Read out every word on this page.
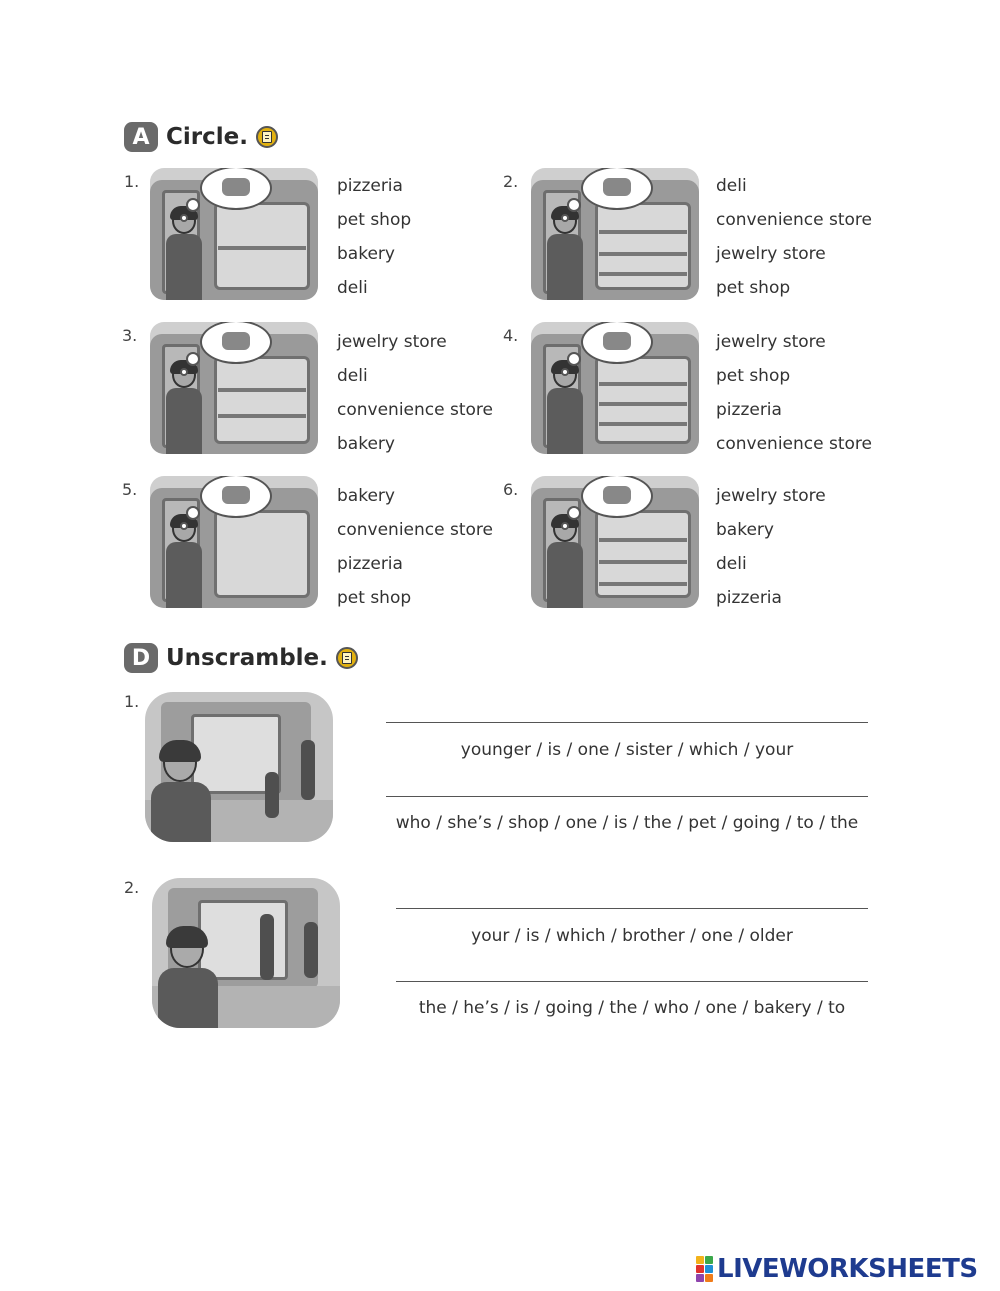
A Circle.
1.	pizzeria
pet shop
bakery
deli
2.	deli
convenience store
jewelry store
pet shop
3.	jewelry store
deli
convenience store
bakery
4.	jewelry store
pet shop
pizzeria
convenience store
5.	bakery
convenience store
pizzeria
pet shop
6.	jewelry store
bakery
deli
pizzeria
D Unscramble.
1.
younger / is / one / sister / which / your
who / she’s / shop / one / is / the / pet / going / to / the
2.
your / is / which / brother / one / older
the / he’s / is / going / the / who / one / bakery / to
LIVEWORKSHEETS
